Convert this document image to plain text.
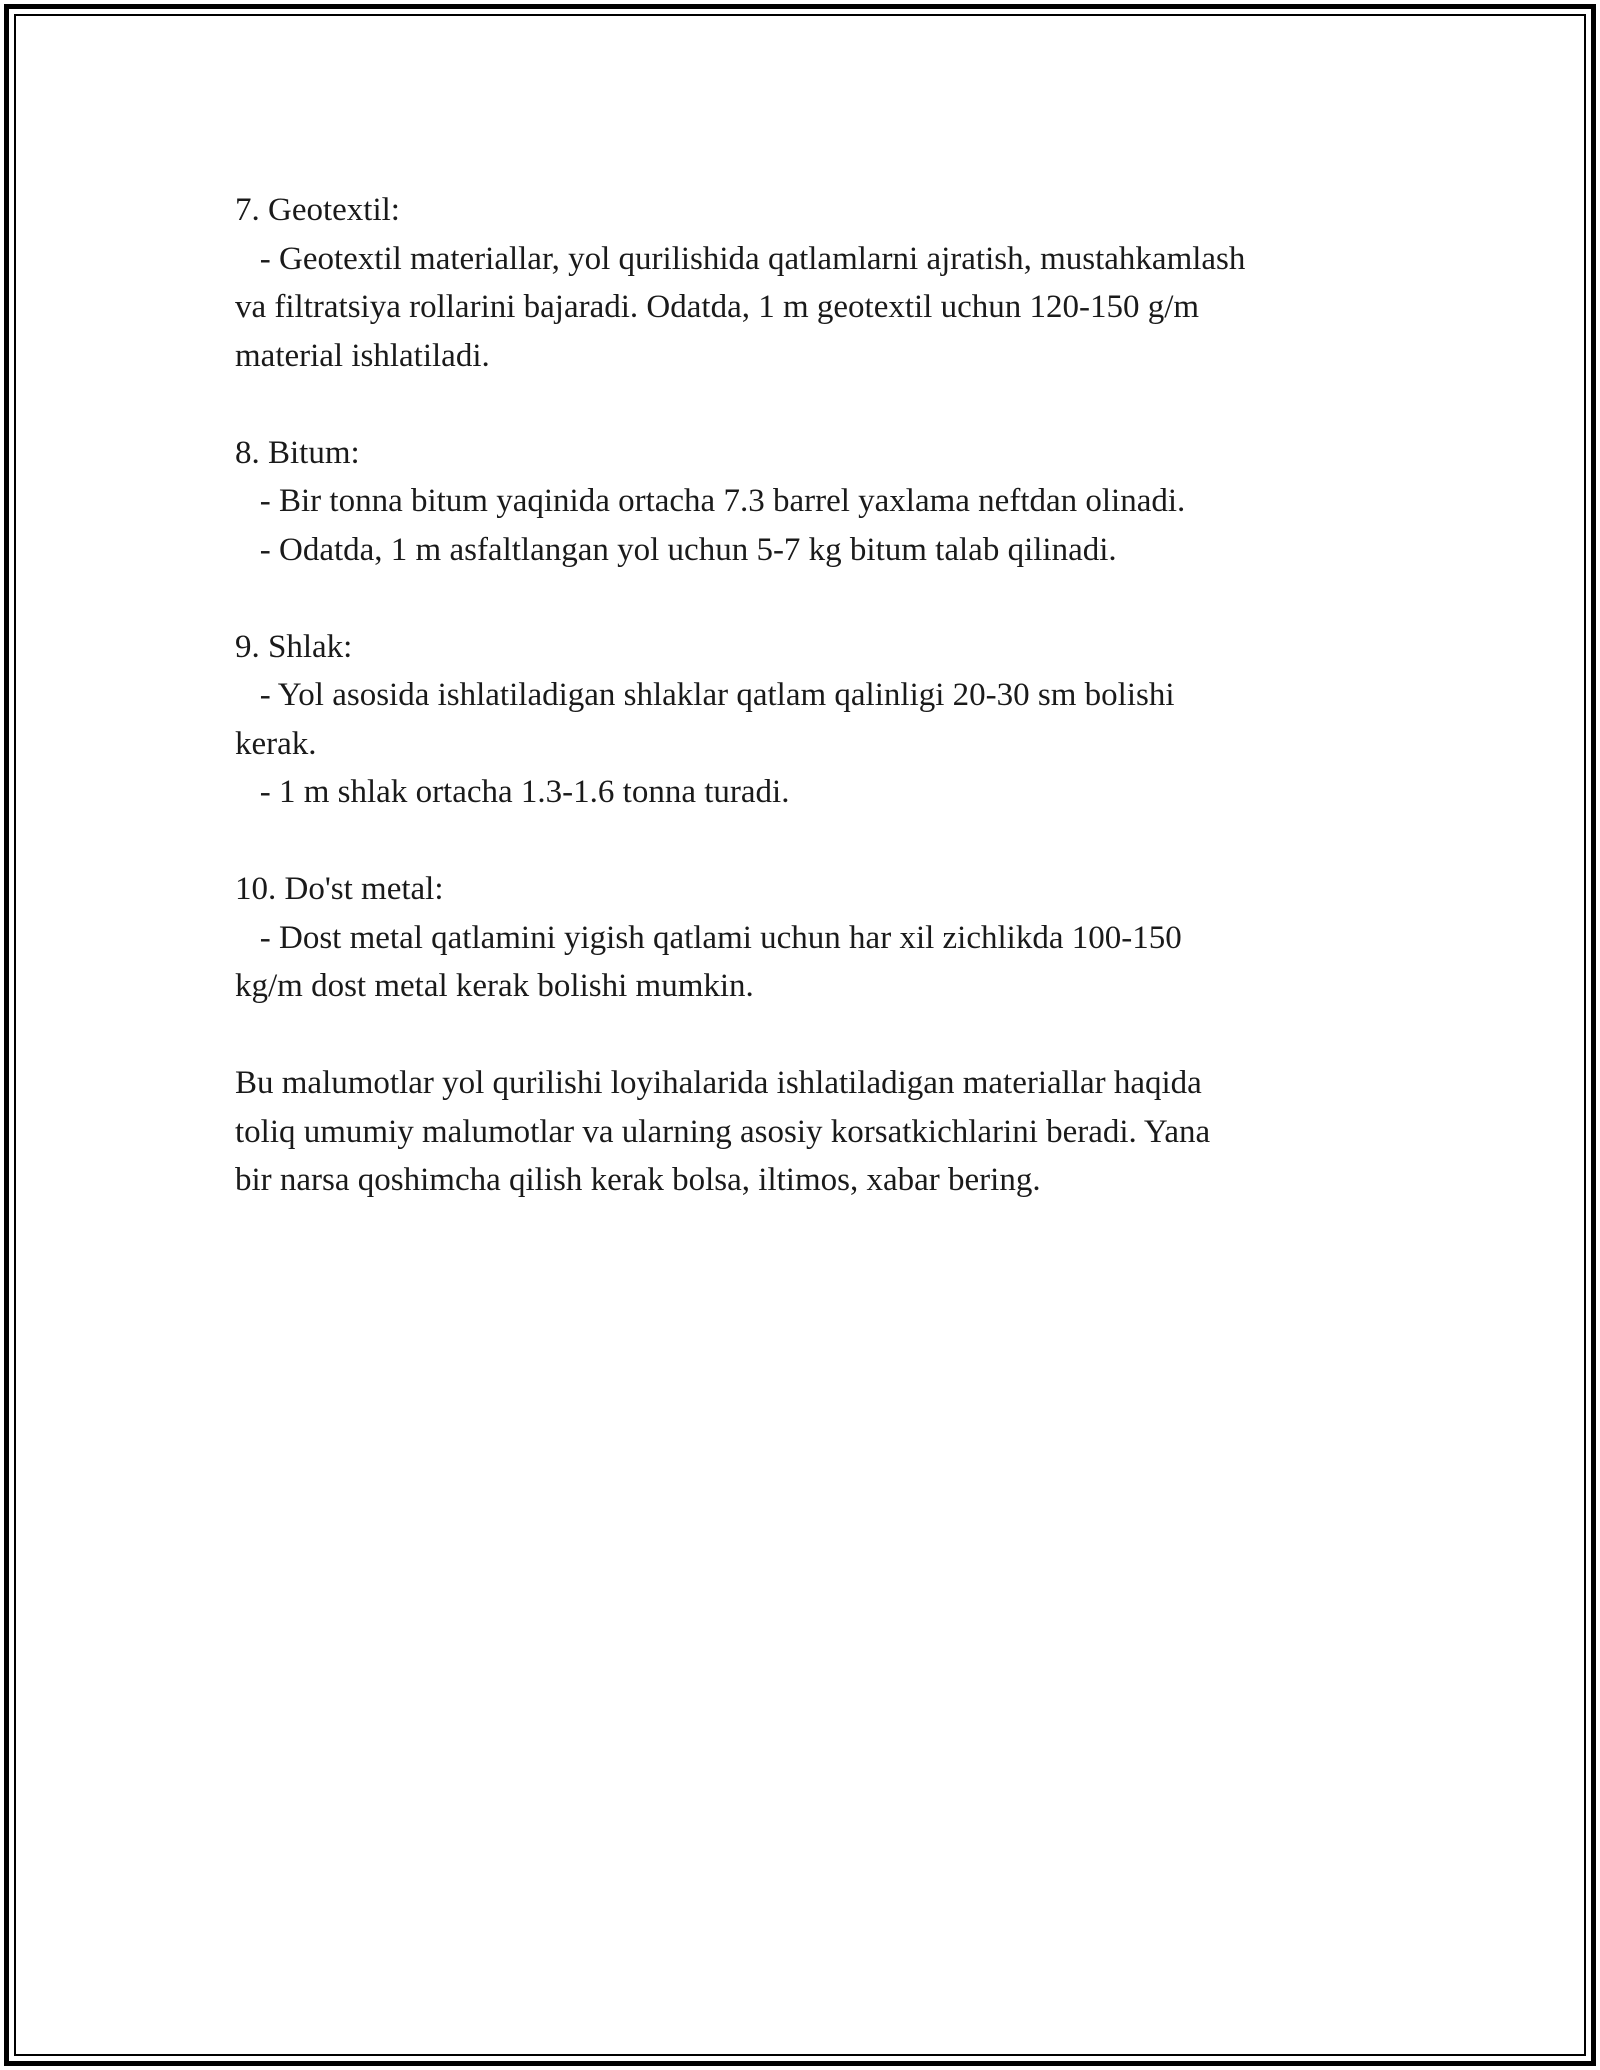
7. Geotextil:

- Geotextil materiallar, yol qurilishida qatlamlarni ajratish, mustahkamlash

va filtratsiya rollarini bajaradi. Odatda, 1 m geotextil uchun 120-150 g/m

material ishlatiladi.

8. Bitum:

- Bir tonna bitum yaqinida ortacha 7.3 barrel yaxlama neftdan olinadi.

- Odatda, 1 m asfaltlangan yol uchun 5-7 kg bitum talab qilinadi.

9. Shlak:

- Yol asosida ishlatiladigan shlaklar qatlam qalinligi 20-30 sm bolishi

kerak.

- 1 m shlak ortacha 1.3-1.6 tonna turadi.

10. Do'st metal:

- Dost metal qatlamini yigish qatlami uchun har xil zichlikda 100-150

kg/m dost metal kerak bolishi mumkin.

Bu malumotlar yol qurilishi loyihalarida ishlatiladigan materiallar haqida

toliq umumiy malumotlar va ularning asosiy korsatkichlarini beradi. Yana

bir narsa qoshimcha qilish kerak bolsa, iltimos, xabar bering.
